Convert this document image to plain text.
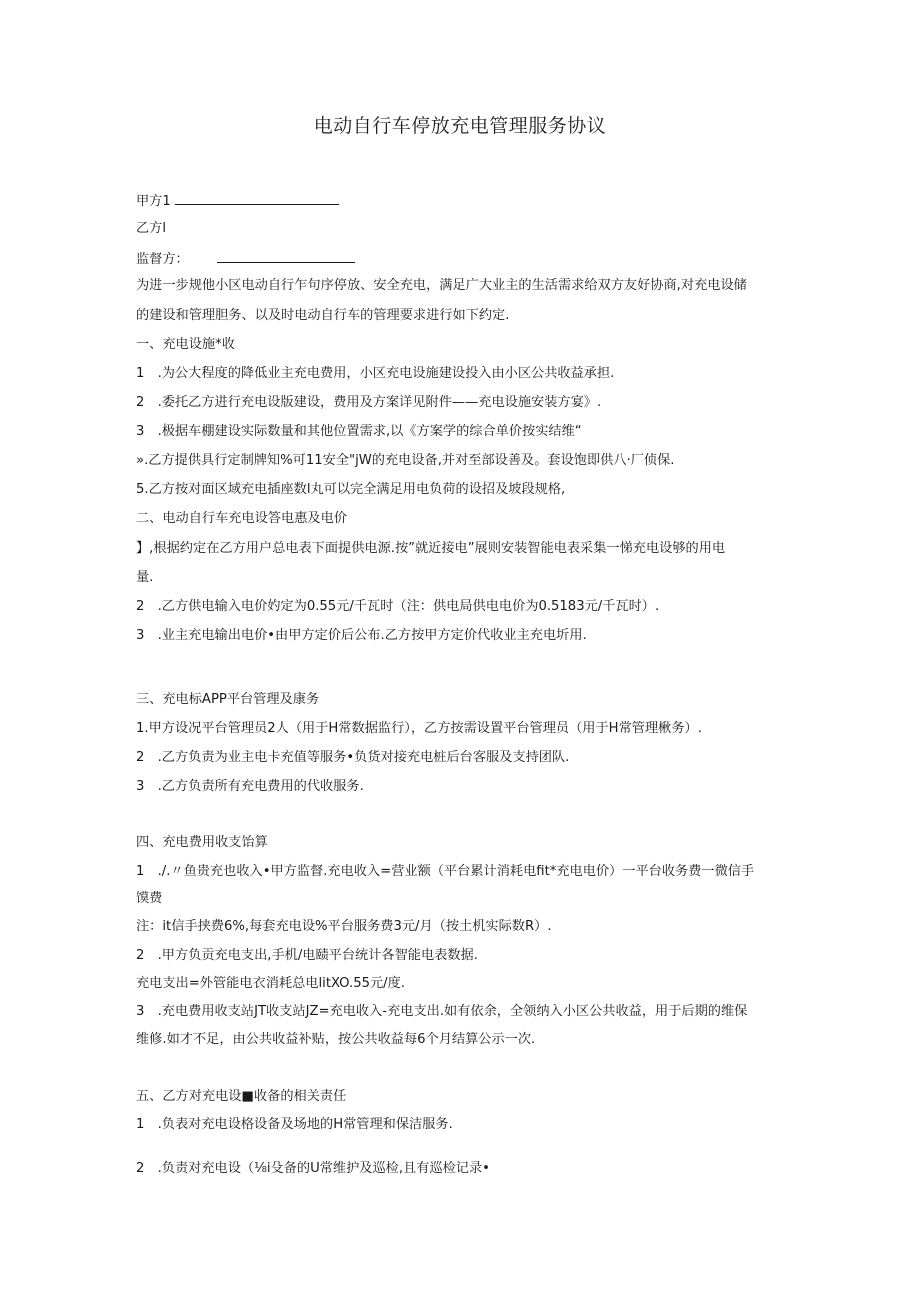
电动自行车停放充电管理服务协议
甲方1
乙方l
监督方：
为进一步规他小区电动自行乍句序停放、安全充电，满足广大业主的生活需求给双方友好协商,对充电设储
的建设和管理胆务、以及时电动自行车的管理要求进行如下约定.
一、充电设施*收
1　.为公大程度的降低业主充电费用，小区充电设施建设投入由小区公共收益承担.
2　.委托乙方进行充电设版建设，费用及方案详见附件——充电设施安装方宴》.
3　.极据车棚建设实际数量和其他位置需求,以《方案学的综合单价按实结维“
».乙方提供具行定制牌知%可11安全"jW的充电设备,并对至部设善及。套设饱即供八·厂侦保.
5.乙方按对面区域充电插座数l丸可以完全满足用电负荷的设招及坡段规格,
二、电动自行车充电设答电惠及电价
】,根据约定在乙方用户总电表下面提供电源.按”就近接电”展则安装智能电表采集一悌充电设够的用电
量.
2　.乙方供电输入电价妁定为0.55元/千瓦时（注：供电局供电电价为0.5183元/千瓦时）.
3　.业主充电输出电价•由甲方定价后公布.乙方按甲方定价代收业主充电圻用.
三、充电标APP平台管理及康务
1.甲方设况平台管理员2人（用于H常数据监行），乙方按需设置平台管理员（用于H常管理楸务）.
2　.乙方负责为业主电卡充值等服务•负货对接充电桩后台客服及支持团队.
3　.乙方负责所有充电费用的代收服务.
四、充电费用收支饴算
1　./.〃鱼贵充也收入•甲方监督.充电收入=营业额（平台累计消耗电fit*充电电价）一平台收务费一微信手
馍费
注：it信手挟费6%,每套充电设%平台服务费3元/月（按土机实际数R）.
2　.甲方负贡充电支出,手机/电赜平台统计各智能电表数据.
充电支出=外管能电衣消耗总电litXO.55元/度.
3　.充电费用收支站JT收支站JZ=充电收入-充电支出.如有依余，全领纳入小区公共收益，用于后期的维保
维修.如才不足，由公共收益补贴，按公共收益每6个月结算公示一次.
五、乙方对充电设■收备的相关责任
1　.负表对充电设格设备及场地的H常管理和保洁服务.
2　.负责对充电设（⅛i殳备的U常维护及巡检,且有巡检记录•
